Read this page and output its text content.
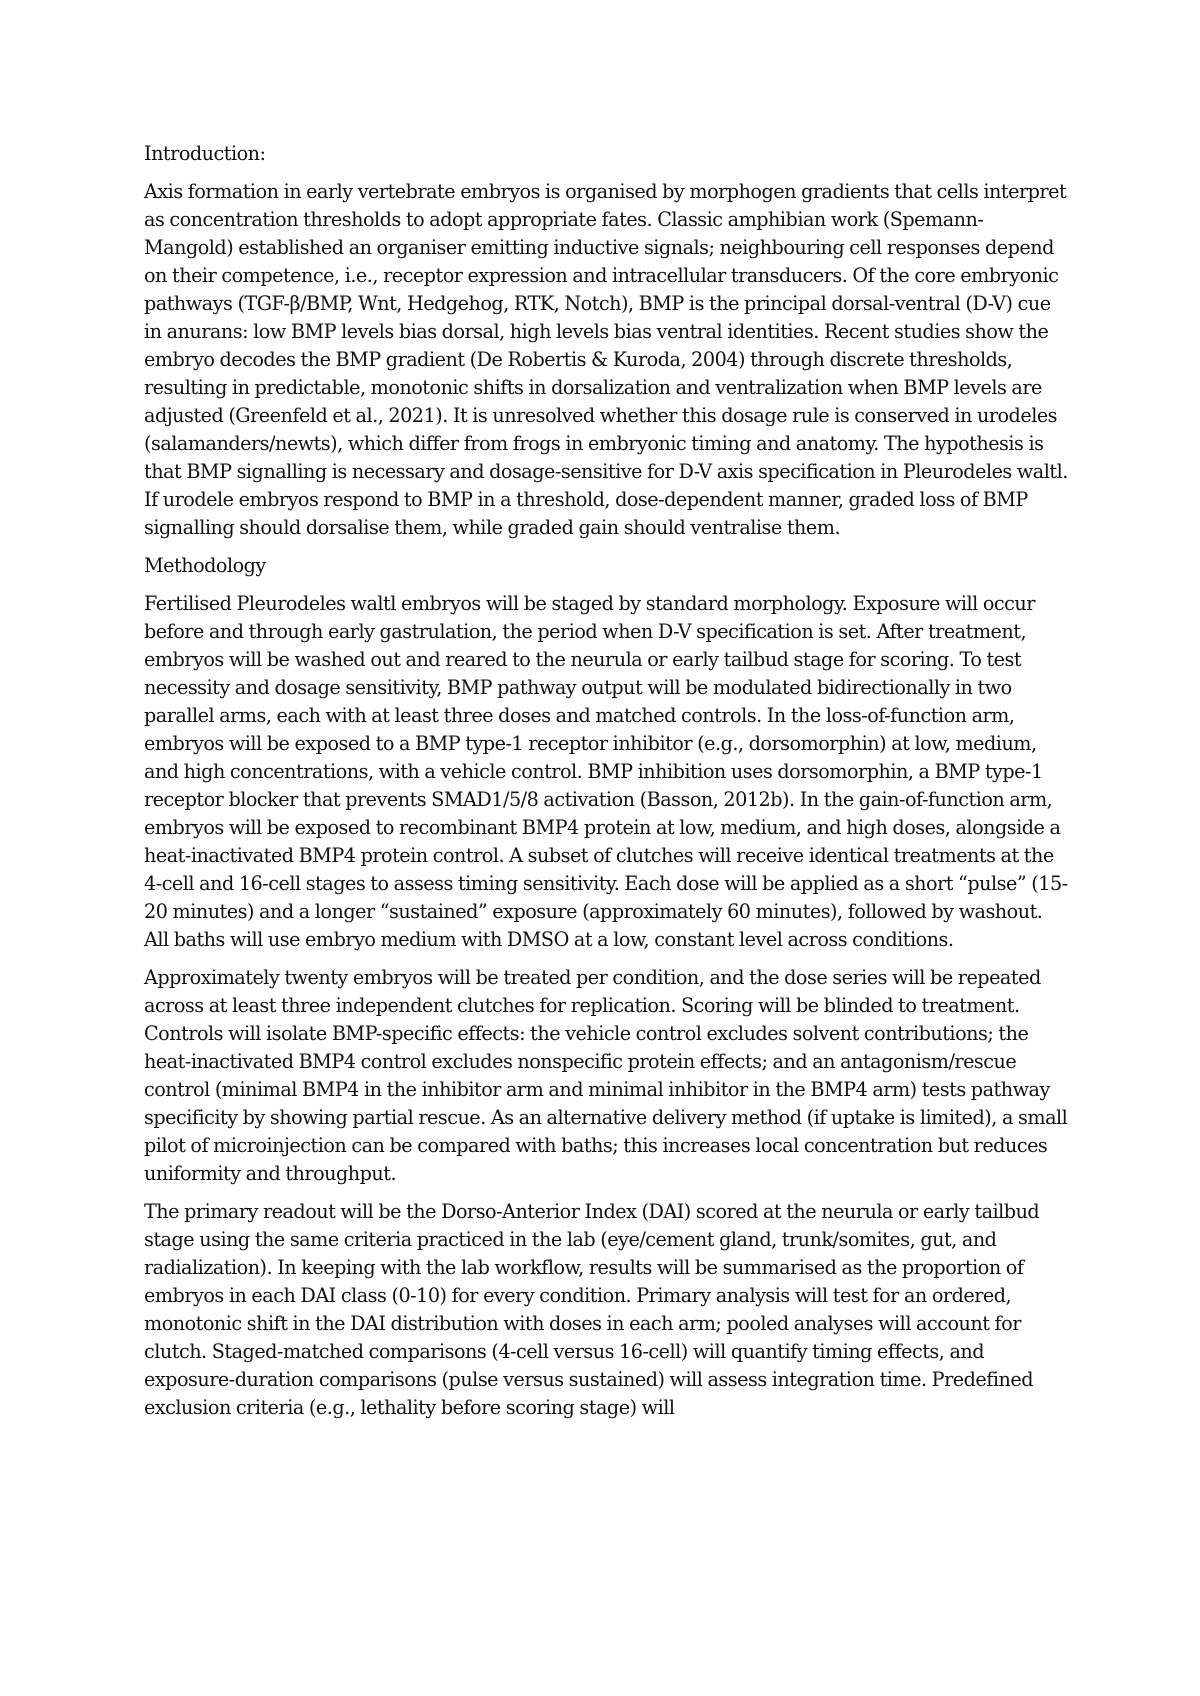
Introduction:

Axis formation in early vertebrate embryos is organised by morphogen gradients that cells interpret as concentration thresholds to adopt appropriate fates. Classic amphibian work (Spemann-Mangold) established an organiser emitting inductive signals; neighbouring cell responses depend on their competence, i.e., receptor expression and intracellular transducers. Of the core embryonic pathways (TGF-β/BMP, Wnt, Hedgehog, RTK, Notch), BMP is the principal dorsal-ventral (D-V) cue in anurans: low BMP levels bias dorsal, high levels bias ventral identities. Recent studies show the embryo decodes the BMP gradient (De Robertis & Kuroda, 2004) through discrete thresholds, resulting in predictable, monotonic shifts in dorsalization and ventralization when BMP levels are adjusted (Greenfeld et al., 2021). It is unresolved whether this dosage rule is conserved in urodeles (salamanders/newts), which differ from frogs in embryonic timing and anatomy. The hypothesis is that BMP signalling is necessary and dosage-sensitive for D-V axis specification in Pleurodeles waltl. If urodele embryos respond to BMP in a threshold, dose-dependent manner, graded loss of BMP signalling should dorsalise them, while graded gain should ventralise them.

Methodology

Fertilised Pleurodeles waltl embryos will be staged by standard morphology. Exposure will occur before and through early gastrulation, the period when D-V specification is set. After treatment, embryos will be washed out and reared to the neurula or early tailbud stage for scoring. To test necessity and dosage sensitivity, BMP pathway output will be modulated bidirectionally in two parallel arms, each with at least three doses and matched controls. In the loss-of-function arm, embryos will be exposed to a BMP type-1 receptor inhibitor (e.g., dorsomorphin) at low, medium, and high concentrations, with a vehicle control. BMP inhibition uses dorsomorphin, a BMP type-1 receptor blocker that prevents SMAD1/5/8 activation (Basson, 2012b). In the gain-of-function arm, embryos will be exposed to recombinant BMP4 protein at low, medium, and high doses, alongside a heat-inactivated BMP4 protein control. A subset of clutches will receive identical treatments at the 4-cell and 16-cell stages to assess timing sensitivity. Each dose will be applied as a short “pulse” (15-20 minutes) and a longer “sustained” exposure (approximately 60 minutes), followed by washout. All baths will use embryo medium with DMSO at a low, constant level across conditions.

Approximately twenty embryos will be treated per condition, and the dose series will be repeated across at least three independent clutches for replication. Scoring will be blinded to treatment. Controls will isolate BMP-specific effects: the vehicle control excludes solvent contributions; the heat-inactivated BMP4 control excludes nonspecific protein effects; and an antagonism/rescue control (minimal BMP4 in the inhibitor arm and minimal inhibitor in the BMP4 arm) tests pathway specificity by showing partial rescue. As an alternative delivery method (if uptake is limited), a small pilot of microinjection can be compared with baths; this increases local concentration but reduces uniformity and throughput.

The primary readout will be the Dorso-Anterior Index (DAI) scored at the neurula or early tailbud stage using the same criteria practiced in the lab (eye/cement gland, trunk/somites, gut, and radialization). In keeping with the lab workflow, results will be summarised as the proportion of embryos in each DAI class (0-10) for every condition. Primary analysis will test for an ordered, monotonic shift in the DAI distribution with doses in each arm; pooled analyses will account for clutch. Staged-matched comparisons (4-cell versus 16-cell) will quantify timing effects, and exposure-duration comparisons (pulse versus sustained) will assess integration time. Predefined exclusion criteria (e.g., lethality before scoring stage) will
